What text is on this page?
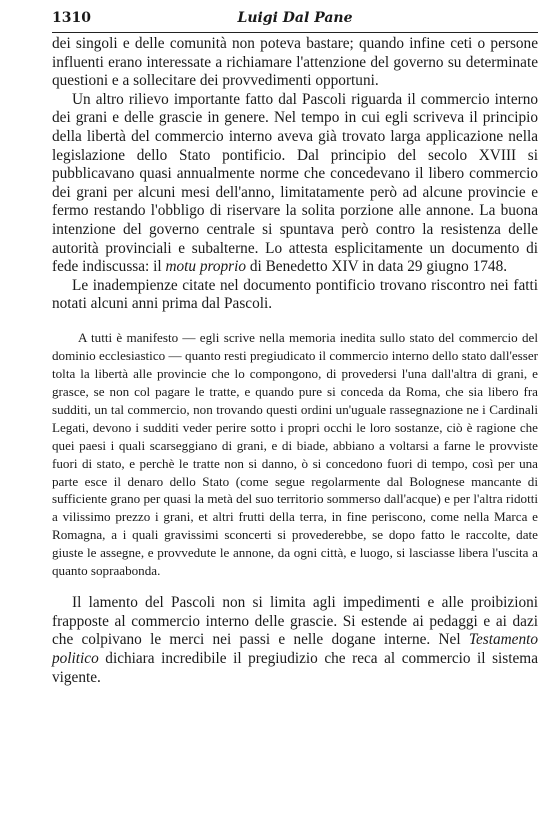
1310	Luigi Dal Pane

dei singoli e delle comunità non poteva bastare; quando infine ceti o persone influenti erano interessate a richiamare l'attenzione del governo su determinate questioni e a sollecitare dei provvedimenti opportuni.

Un altro rilievo importante fatto dal Pascoli riguarda il commercio interno dei grani e delle grascie in genere. Nel tempo in cui egli scriveva il principio della libertà del commercio interno aveva già trovato larga applicazione nella legislazione dello Stato pontificio. Dal principio del secolo XVIII si pubblicavano quasi annualmente norme che concedevano il libero commercio dei grani per alcuni mesi dell'anno, limitatamente però ad alcune provincie e fermo restando l'obbligo di riservare la solita porzione alle annone. La buona intenzione del governo centrale si spuntava però contro la resistenza delle autorità provinciali e subalterne. Lo attesta esplicitamente un documento di fede indiscussa: il motu proprio di Benedetto XIV in data 29 giugno 1748.

Le inadempienze citate nel documento pontificio trovano riscontro nei fatti notati alcuni anni prima dal Pascoli.

A tutti è manifesto — egli scrive nella memoria inedita sullo stato del commercio del dominio ecclesiastico — quanto resti pregiudicato il commercio interno dello stato dall'esser tolta la libertà alle provincie che lo compongono, di provedersi l'una dall'altra di grani, e grasce, se non col pagare le tratte, e quando pure si conceda da Roma, che sia libero fra sudditi, un tal commercio, non trovando questi ordini un'uguale rassegnazione ne i Cardinali Legati, devono i sudditi veder perire sotto i propri occhi le loro sostanze, ciò è ragione che quei paesi i quali scarseggiano di grani, e di biade, abbiano a voltarsi a farne le provviste fuori di stato, e perchè le tratte non si danno, ò si concedono fuori di tempo, così per una parte esce il denaro dello Stato (come segue regolarmente dal Bolognese mancante di sufficiente grano per quasi la metà del suo territorio sommerso dall'acque) e per l'altra ridotti a vilissimo prezzo i grani, et altri frutti della terra, in fine periscono, come nella Marca e Romagna, a i quali gravissimi sconcerti si provederebbe, se dopo fatto le raccolte, date giuste le assegne, e provvedute le annone, da ogni città, e luogo, si lasciasse libera l'uscita a quanto sopraabonda.

Il lamento del Pascoli non si limita agli impedimenti e alle proibizioni frapposte al commercio interno delle grascie. Si estende ai pedaggi e ai dazi che colpivano le merci nei passi e nelle dogane interne. Nel Testamento politico dichiara incredibile il pregiudizio che reca al commercio il sistema vigente.
